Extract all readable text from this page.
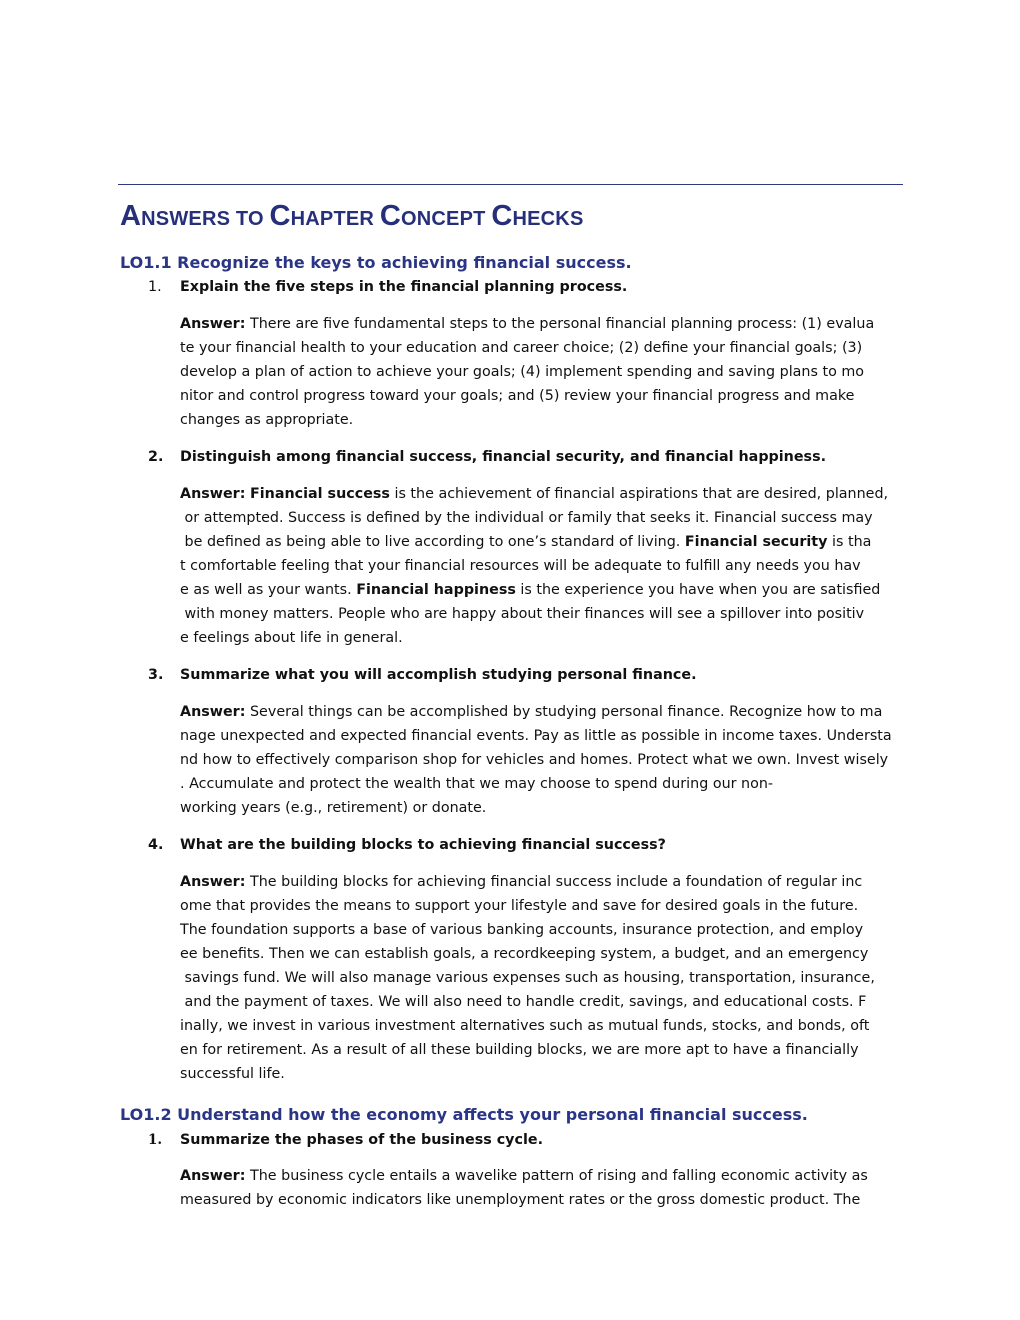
ANSWERS TO CHAPTER CONCEPT CHECKS
LO1.1 Recognize the keys to achieving financial success.
1. Explain the five steps in the financial planning process.
Answer: There are five fundamental steps to the personal financial planning process: (1) evalua
te your financial health to your education and career choice; (2) define your financial goals; (3)
develop a plan of action to achieve your goals; (4) implement spending and saving plans to mo
nitor and control progress toward your goals; and (5) review your financial progress and make
changes as appropriate.
2. Distinguish among financial success, financial security, and financial happiness.
Answer: Financial success is the achievement of financial aspirations that are desired, planned,
or attempted. Success is defined by the individual or family that seeks it. Financial success may
be defined as being able to live according to one’s standard of living. Financial security is tha
t comfortable feeling that your financial resources will be adequate to fulfill any needs you hav
e as well as your wants. Financial happiness is the experience you have when you are satisfied
with money matters. People who are happy about their finances will see a spillover into positiv
e feelings about life in general.
3. Summarize what you will accomplish studying personal finance.
Answer: Several things can be accomplished by studying personal finance. Recognize how to ma
nage unexpected and expected financial events. Pay as little as possible in income taxes. Understa
nd how to effectively comparison shop for vehicles and homes. Protect what we own. Invest wisely
. Accumulate and protect the wealth that we may choose to spend during our non-
working years (e.g., retirement) or donate.
4. What are the building blocks to achieving financial success?
Answer: The building blocks for achieving financial success include a foundation of regular inc
ome that provides the means to support your lifestyle and save for desired goals in the future.
The foundation supports a base of various banking accounts, insurance protection, and employ
ee benefits. Then we can establish goals, a recordkeeping system, a budget, and an emergency
savings fund. We will also manage various expenses such as housing, transportation, insurance,
and the payment of taxes. We will also need to handle credit, savings, and educational costs. F
inally, we invest in various investment alternatives such as mutual funds, stocks, and bonds, oft
en for retirement. As a result of all these building blocks, we are more apt to have a financially
successful life.
LO1.2 Understand how the economy affects your personal financial success.
1. Summarize the phases of the business cycle.
Answer: The business cycle entails a wavelike pattern of rising and falling economic activity as
measured by economic indicators like unemployment rates or the gross domestic product. The
